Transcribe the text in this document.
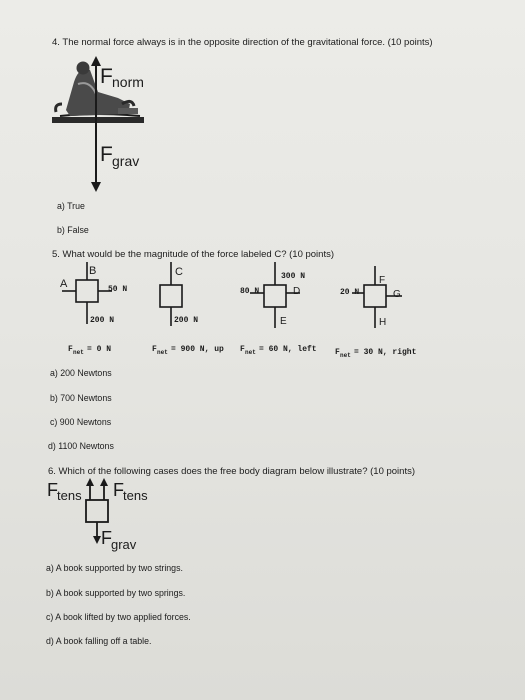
4. The normal force always is in the opposite direction of the gravitational force. (10 points)
F norm
F grav
a) True
b) False
5. What would be the magnitude of the force labeled C? (10 points)
B
A	50 N
200 N
F net = 0 N
C
200 N
F net = 900 N, up
300 N
80 N	D
E
F net = 60 N, left
F
G
H
20 N
F net = 30 N, right
a) 200 Newtons
b) 700 Newtons
c) 900 Newtons
d) 1100 Newtons
6. Which of the following cases does the free body diagram below illustrate? (10 points)
F tens F tens
F grav
a) A book supported by two strings.
b) A book supported by two springs.
c) A book lifted by two applied forces.
d) A book falling off a table.
